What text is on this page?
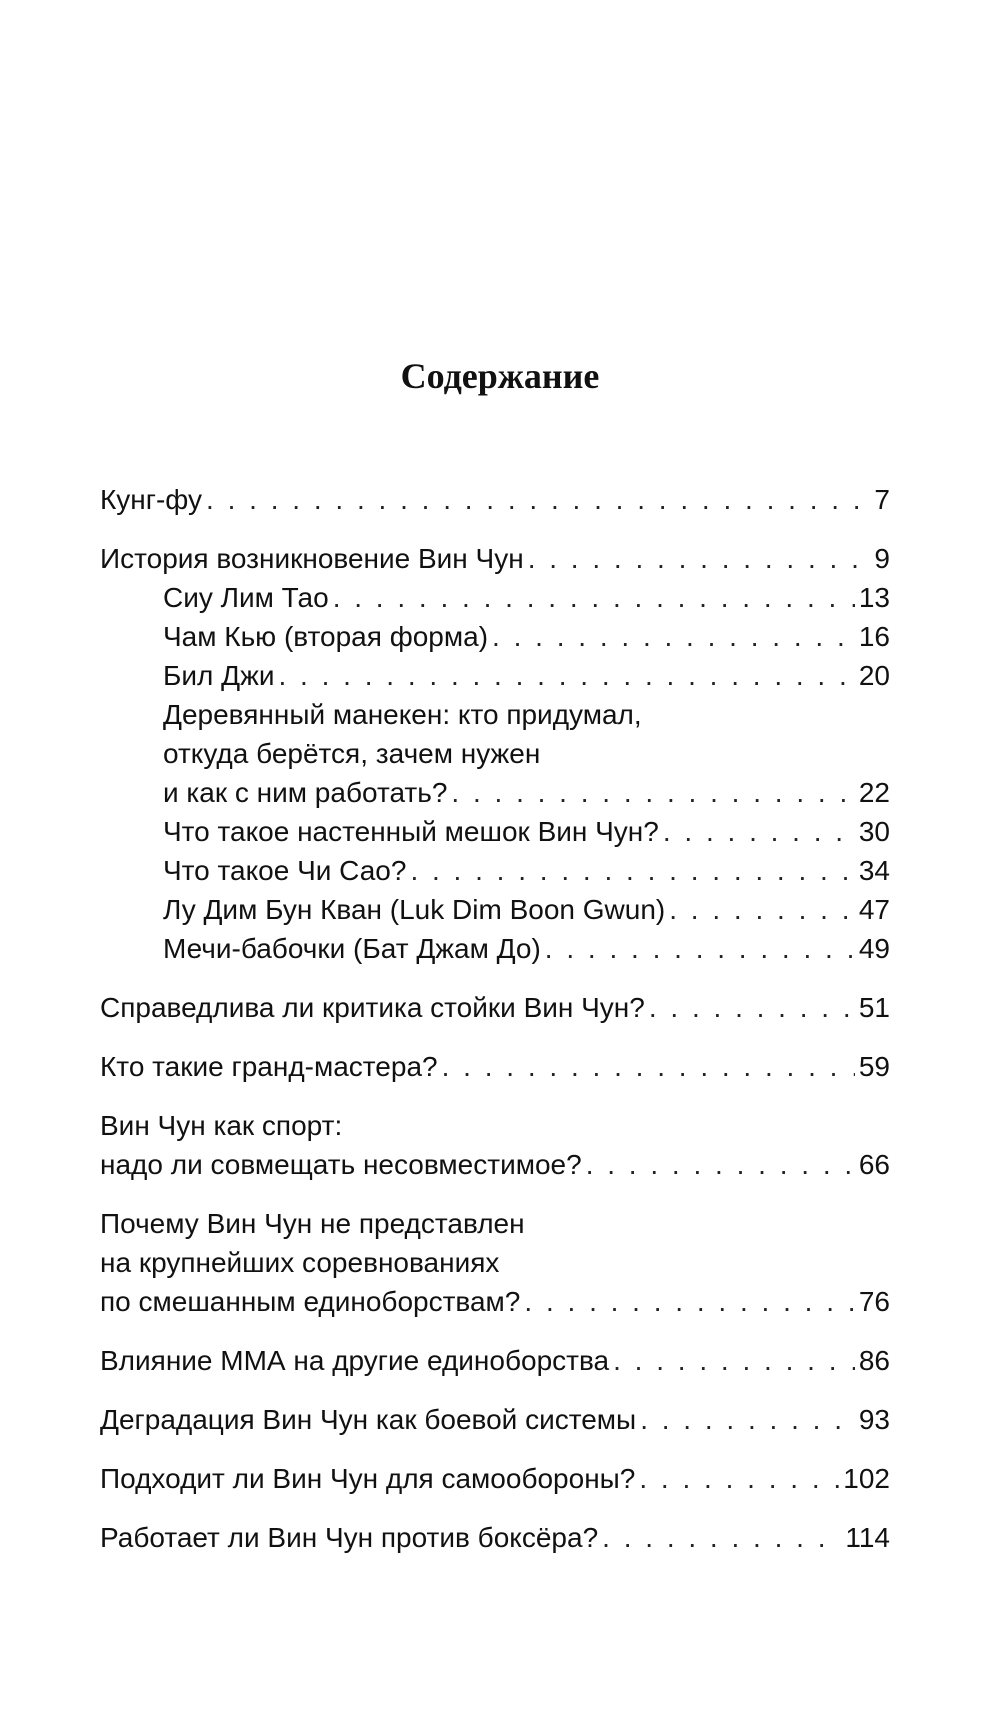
Содержание
Кунг-фу . . .	7
История возникновение Вин Чун . . .	9
Сиу Лим Тао . . .	13
Чам Кью (вторая форма) . . .	16
Бил Джи . . .	20
Деревянный манекен: кто придумал,
откуда берётся, зачем нужен
и как с ним работать? . . .	22
Что такое настенный мешок Вин Чун? . . .	30
Что такое Чи Сао? . . .	34
Лу Дим Бун Кван (Luk Dim Boon Gwun) . . .	47
Мечи-бабочки (Бат Джам До) . . .	49
Справедлива ли критика стойки Вин Чун? . . .	51
Кто такие гранд-мастера? . . .	59
Вин Чун как спорт:
надо ли совмещать несовместимое? . . .	66
Почему Вин Чун не представлен
на крупнейших соревнованиях
по смешанным единоборствам? . . .	76
Влияние ММА на другие единоборства . . .	86
Деградация Вин Чун как боевой системы . . .	93
Подходит ли Вин Чун для самообороны? . . .	102
Работает ли Вин Чун против боксёра? . . .	114
